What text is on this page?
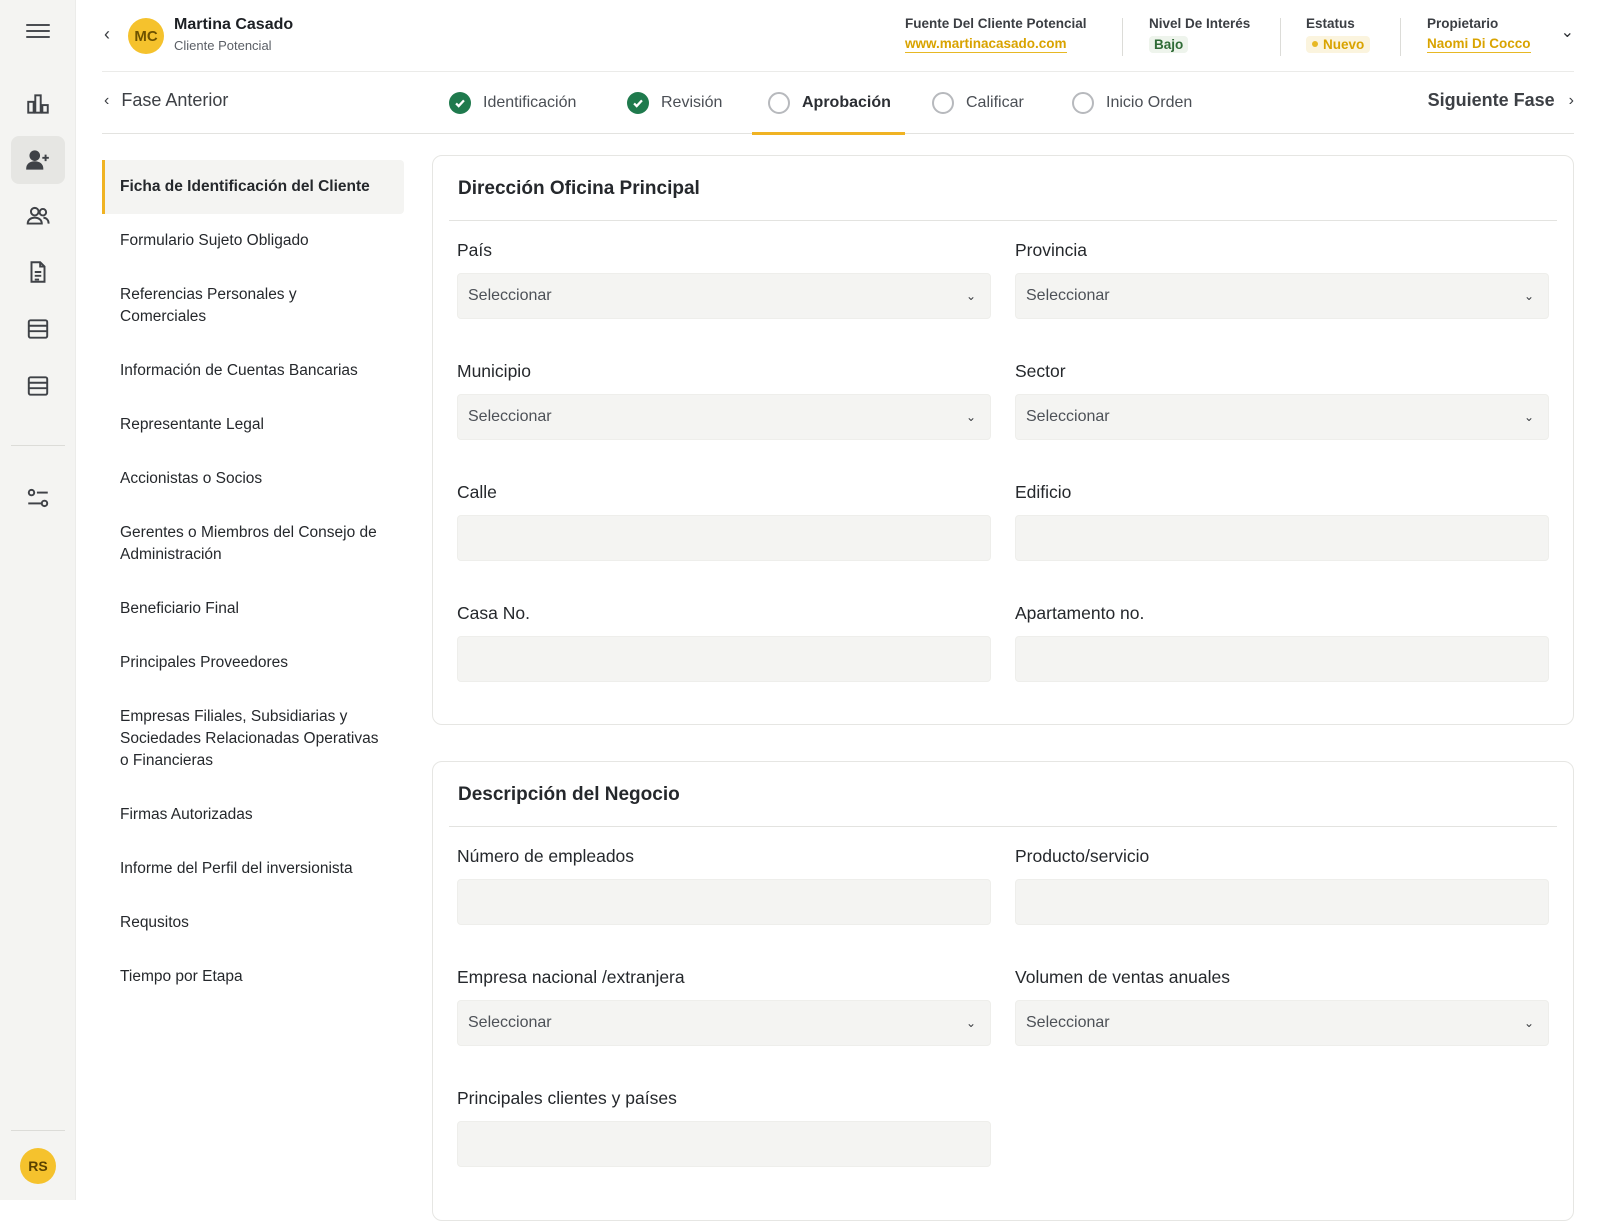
RS
‹	MC
Martina Casado
Cliente Potencial
Fuente Del Cliente Potencial
www.martinacasado.com
Nivel De Interés
Bajo
Estatus
Nuevo
Propietario
Naomi Di Cocco
⌄
‹ Fase Anterior	Identificación	Revisión	Aprobación	Calificar	Inicio Orden	Siguiente Fase ›
Ficha de Identificación del Cliente
Formulario Sujeto Obligado
Referencias Personales y Comerciales
Información de Cuentas Bancarias
Representante Legal
Accionistas o Socios
Gerentes o Miembros del Consejo de Administración
Beneficiario Final
Principales Proveedores
Empresas Filiales, Subsidiarias y Sociedades Relacionadas Operativas o Financieras
Firmas Autorizadas
Informe del Perfil del inversionista
Requsitos
Tiempo por Etapa
Dirección Oficina Principal
País
Seleccionar	⌄
Provincia
Seleccionar	⌄
Municipio
Seleccionar	⌄
Sector
Seleccionar	⌄
Calle	Edificio
Casa No.	Apartamento no.
Descripción del Negocio
Número de empleados	Producto/servicio
Empresa nacional /extranjera
Seleccionar	⌄
Volumen de ventas anuales
Seleccionar	⌄
Principales clientes y países
